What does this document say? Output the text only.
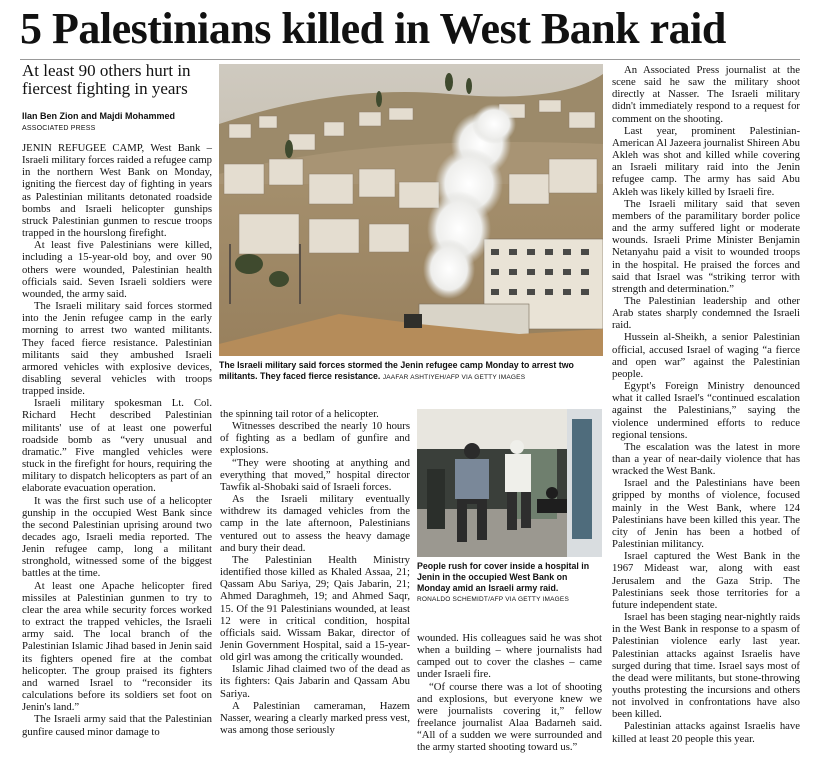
5 Palestinians killed in West Bank raid
At least 90 others hurt in fiercest fighting in years
Ilan Ben Zion and Majdi Mohammed
ASSOCIATED PRESS

JENIN REFUGEE CAMP, West Bank – Israeli military forces raided a refugee camp in the northern West Bank on Monday, igniting the fiercest day of fighting in years as Palestinian militants detonated roadside bombs and Israeli helicopter gunships struck Palestinian gunmen to rescue troops trapped in the hourslong firefight.

At least five Palestinians were killed, including a 15-year-old boy, and over 90 others were wounded, Palestinian health officials said. Seven Israeli soldiers were wounded, the army said.

The Israeli military said forces stormed into the Jenin refugee camp in the early morning to arrest two wanted militants. They faced fierce resistance. Palestinian militants said they ambushed Israeli armored vehicles with explosive devices, disabling several vehicles with troops trapped inside.

Israeli military spokesman Lt. Col. Richard Hecht described Palestinian militants' use of at least one powerful roadside bomb as “very unusual and dramatic.” Five mangled vehicles were stuck in the firefight for hours, requiring the military to dispatch helicopters as part of an elaborate evacuation operation.

It was the first such use of a helicopter gunship in the occupied West Bank since the second Palestinian uprising around two decades ago, Israeli media reported. The Jenin refugee camp, long a militant stronghold, witnessed some of the biggest battles at the time.

At least one Apache helicopter fired missiles at Palestinian gunmen to try to clear the area while security forces worked to extract the trapped vehicles, the Israeli army said. The local branch of the Palestinian Islamic Jihad based in Jenin said its fighters opened fire at the combat helicopter. The group praised its fighters and warned Israel to “reconsider its calculations before its soldiers set foot on Jenin's land.”

The Israeli army said that the Palestinian gunfire caused minor damage to

The Israeli military said forces stormed the Jenin refugee camp Monday to arrest two militants. They faced fierce resistance. JAAFAR ASHTIYEH/AFP VIA GETTY IMAGES

the spinning tail rotor of a helicopter.

Witnesses described the nearly 10 hours of fighting as a bedlam of gunfire and explosions.

“They were shooting at anything and everything that moved,” hospital director Tawfik al-Shobaki said of Israeli forces.

As the Israeli military eventually withdrew its damaged vehicles from the camp in the late afternoon, Palestinians ventured out to assess the heavy damage and bury their dead.

The Palestinian Health Ministry identified those killed as Khaled Assaa, 21; Qassam Abu Sariya, 29; Qais Jabarin, 21; Ahmed Daraghmeh, 19; and Ahmed Saqr, 15. Of the 91 Palestinians wounded, at least 12 were in critical condition, hospital officials said. Wissam Bakar, director of Jenin Government Hospital, said a 15-year-old girl was among the critically wounded.

Islamic Jihad claimed two of the dead as its fighters: Qais Jabarin and Qassam Abu Sariya.

A Palestinian cameraman, Hazem Nasser, wearing a clearly marked press vest, was among those seriously

People rush for cover inside a hospital in Jenin in the occupied West Bank on Monday amid an Israeli army raid.
RONALDO SCHEMIDT/AFP VIA GETTY IMAGES

wounded. His colleagues said he was shot when a building – where journalists had camped out to cover the clashes – came under Israeli fire.

“Of course there was a lot of shooting and explosions, but everyone knew we were journalists covering it,” fellow freelance journalist Alaa Badarneh said. “All of a sudden we were surrounded and the army started shooting toward us.”

An Associated Press journalist at the scene said he saw the military shoot directly at Nasser. The Israeli military didn't immediately respond to a request for comment on the shooting.

Last year, prominent Palestinian-American Al Jazeera journalist Shireen Abu Akleh was shot and killed while covering an Israeli military raid into the Jenin refugee camp. The army has said Abu Akleh was likely killed by Israeli fire.

The Israeli military said that seven members of the paramilitary border police and the army suffered light or moderate wounds. Israeli Prime Minister Benjamin Netanyahu paid a visit to wounded troops in the hospital. He praised the forces and said that Israel was “striking terror with strength and determination.”

The Palestinian leadership and other Arab states sharply condemned the Israeli raid.

Hussein al-Sheikh, a senior Palestinian official, accused Israel of waging “a fierce and open war” against the Palestinian people.

Egypt's Foreign Ministry denounced what it called Israel's “continued escalation against the Palestinians,” saying the violence undermined efforts to reduce regional tensions.

The escalation was the latest in more than a year of near-daily violence that has wracked the West Bank.

Israel and the Palestinians have been gripped by months of violence, focused mainly in the West Bank, where 124 Palestinians have been killed this year. The city of Jenin has been a hotbed of Palestinian militancy.

Israel captured the West Bank in the 1967 Mideast war, along with east Jerusalem and the Gaza Strip. The Palestinians seek those territories for a future independent state.

Israel has been staging near-nightly raids in the West Bank in response to a spasm of Palestinian violence early last year. Palestinian attacks against Israelis have surged during that time. Israel says most of the dead were militants, but stone-throwing youths protesting the incursions and others not involved in confrontations have also been killed.

Palestinian attacks against Israelis have killed at least 20 people this year.
